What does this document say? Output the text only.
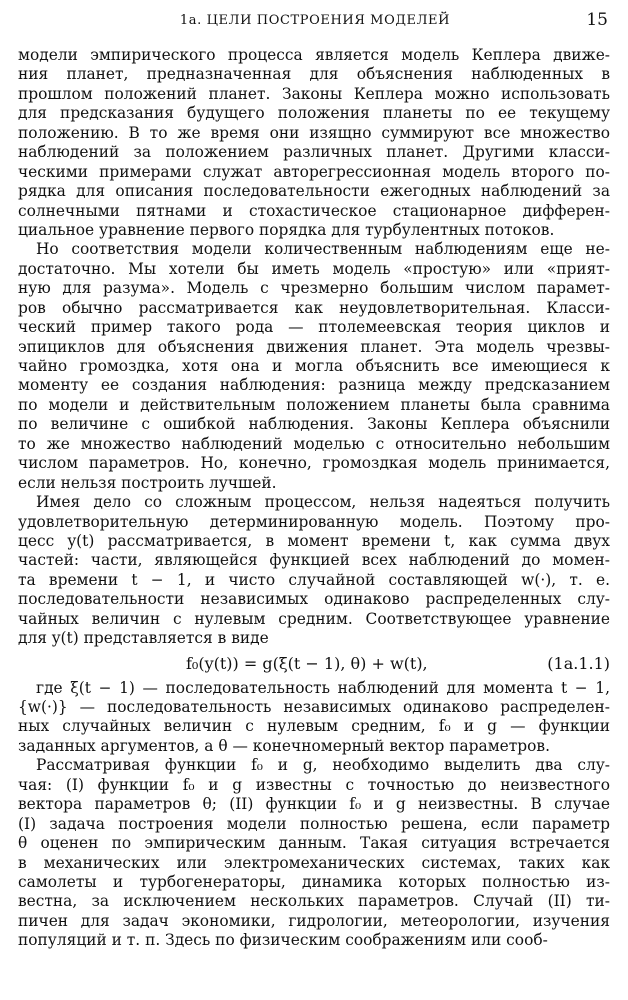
1а. ЦЕЛИ ПОСТРОЕНИЯ МОДЕЛЕЙ	15
модели эмпирического процесса является модель Кеплера движе-
ния планет, предназначенная для объяснения наблюденных в
прошлом положений планет. Законы Кеплера можно использовать
для предсказания будущего положения планеты по ее текущему
положению. В то же время они изящно суммируют все множество
наблюдений за положением различных планет. Другими класси-
ческими примерами служат авторегрессионная модель второго по-
рядка для описания последовательности ежегодных наблюдений за
солнечными пятнами и стохастическое стационарное дифферен-
циальное уравнение первого порядка для турбулентных потоков.
Но соответствия модели количественным наблюдениям еще не-
достаточно. Мы хотели бы иметь модель «простую» или «прият-
ную для разума». Модель с чрезмерно большим числом парамет-
ров обычно рассматривается как неудовлетворительная. Класси-
ческий пример такого рода — птолемеевская теория циклов и
эпициклов для объяснения движения планет. Эта модель чрезвы-
чайно громоздка, хотя она и могла объяснить все имеющиеся к
моменту ее создания наблюдения: разница между предсказанием
по модели и действительным положением планеты была сравнима
по величине с ошибкой наблюдения. Законы Кеплера объяснили
то же множество наблюдений моделью с относительно небольшим
числом параметров. Но, конечно, громоздкая модель принимается,
если нельзя построить лучшей.
Имея дело со сложным процессом, нельзя надеяться получить
удовлетворительную детерминированную модель. Поэтому про-
цесс y(t) рассматривается, в момент времени t, как сумма двух
частей: части, являющейся функцией всех наблюдений до момен-
та времени t − 1, и чисто случайной составляющей w(·), т. е.
последовательности независимых одинаково распределенных слу-
чайных величин с нулевым средним. Соответствующее уравнение
для y(t) представляется в виде
f₀(y(t)) = g(ξ(t − 1), θ) + w(t),	(1a.1.1)
где ξ(t − 1) — последовательность наблюдений для момента t − 1,
{w(·)} — последовательность независимых одинаково распределен-
ных случайных величин с нулевым средним, f₀ и g — функции
заданных аргументов, а θ — конечномерный вектор параметров.
Рассматривая функции f₀ и g, необходимо выделить два слу-
чая: (I) функции f₀ и g известны с точностью до неизвестного
вектора параметров θ; (II) функции f₀ и g неизвестны. В случае
(I) задача построения модели полностью решена, если параметр
θ оценен по эмпирическим данным. Такая ситуация встречается
в механических или электромеханических системах, таких как
самолеты и турбогенераторы, динамика которых полностью из-
вестна, за исключением нескольких параметров. Случай (II) ти-
пичен для задач экономики, гидрологии, метеорологии, изучения
популяций и т. п. Здесь по физическим соображениям или сооб-
